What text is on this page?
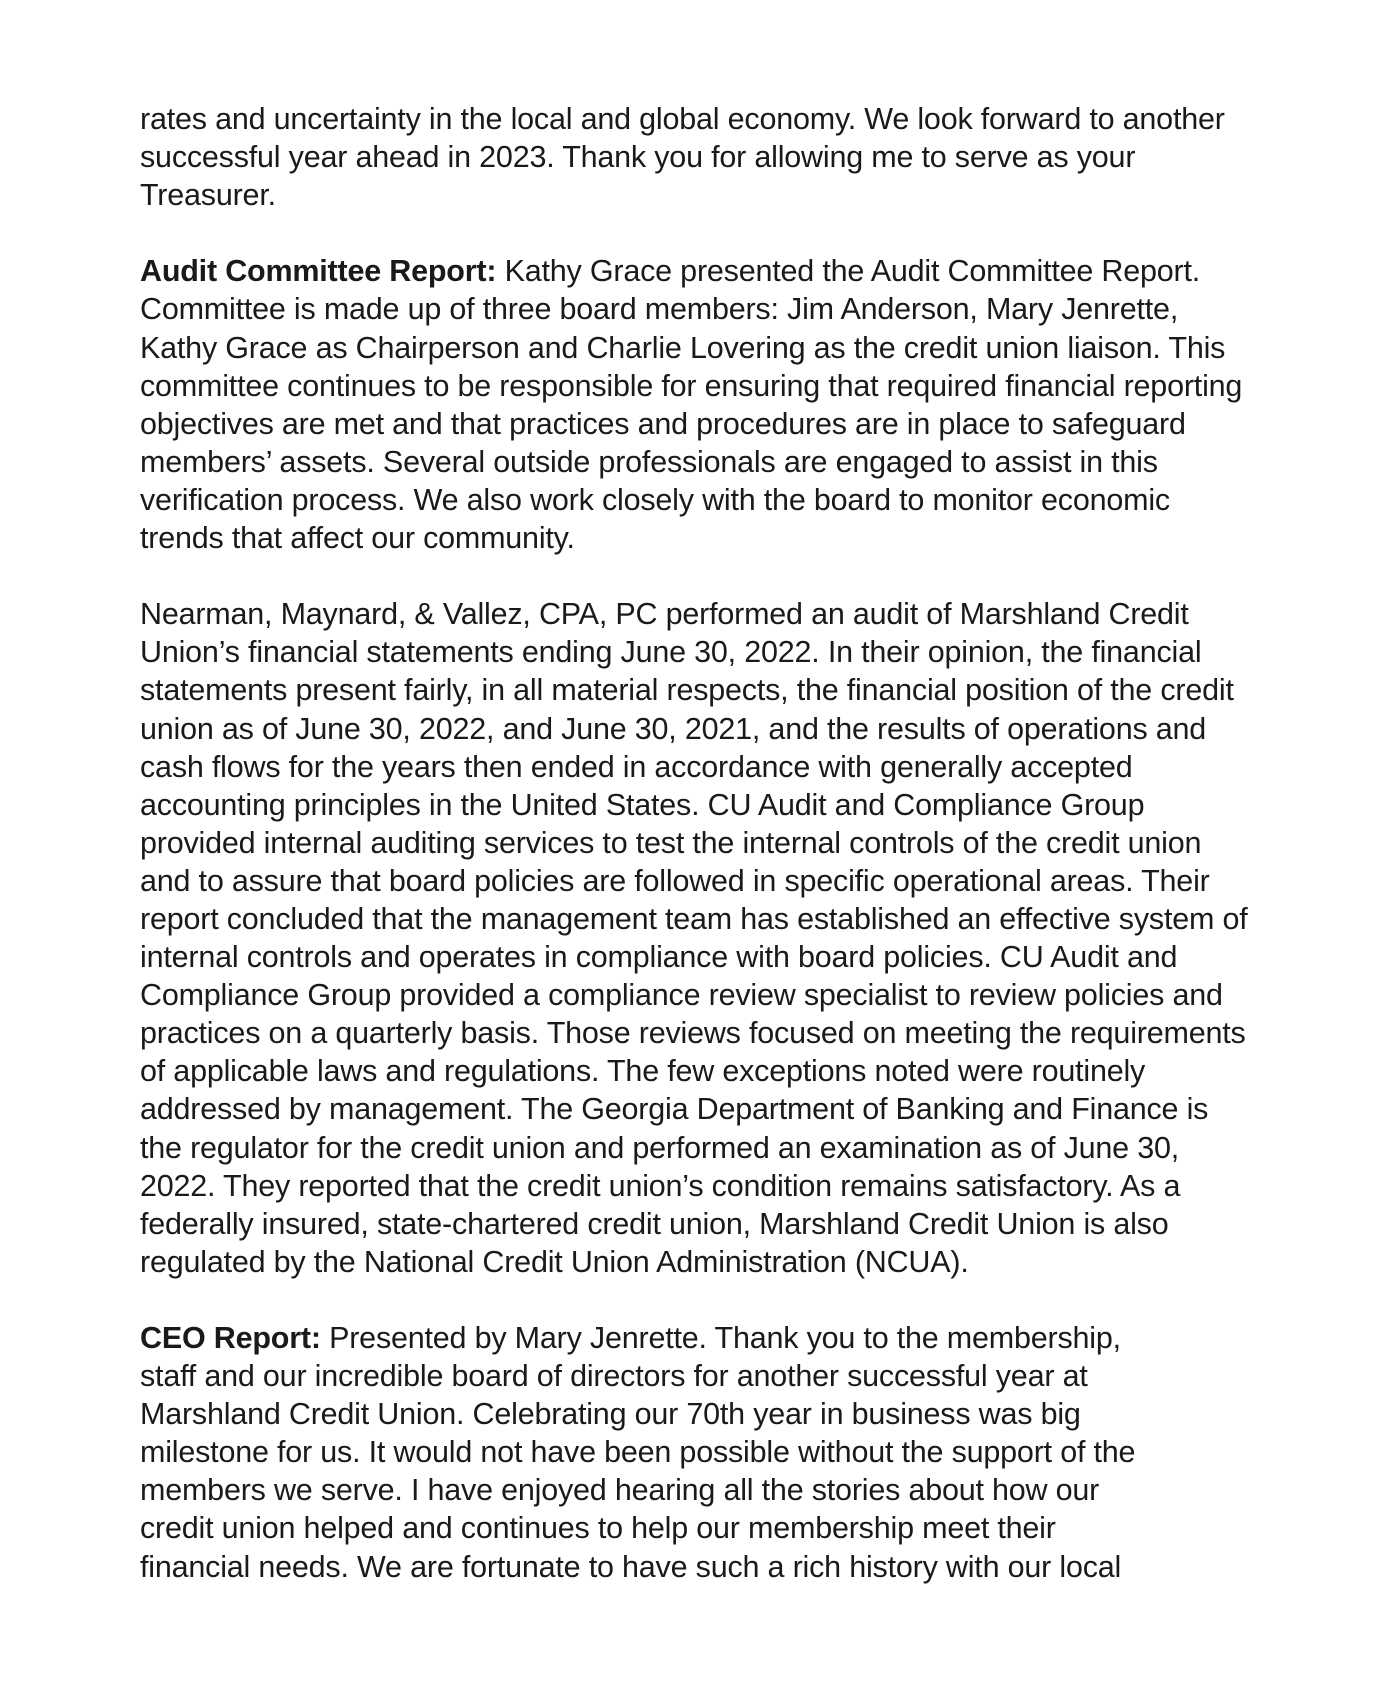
rates and uncertainty in the local and global economy. We look forward to another
successful year ahead in 2023. Thank you for allowing me to serve as your
Treasurer.

Audit Committee Report: Kathy Grace presented the Audit Committee Report.
Committee is made up of three board members: Jim Anderson, Mary Jenrette,
Kathy Grace as Chairperson and Charlie Lovering as the credit union liaison. This
committee continues to be responsible for ensuring that required financial reporting
objectives are met and that practices and procedures are in place to safeguard
members’ assets. Several outside professionals are engaged to assist in this
verification process. We also work closely with the board to monitor economic
trends that affect our community.

Nearman, Maynard, & Vallez, CPA, PC performed an audit of Marshland Credit
Union’s financial statements ending June 30, 2022. In their opinion, the financial
statements present fairly, in all material respects, the financial position of the credit
union as of June 30, 2022, and June 30, 2021, and the results of operations and
cash flows for the years then ended in accordance with generally accepted
accounting principles in the United States. CU Audit and Compliance Group
provided internal auditing services to test the internal controls of the credit union
and to assure that board policies are followed in specific operational areas. Their
report concluded that the management team has established an effective system of
internal controls and operates in compliance with board policies. CU Audit and
Compliance Group provided a compliance review specialist to review policies and
practices on a quarterly basis. Those reviews focused on meeting the requirements
of applicable laws and regulations. The few exceptions noted were routinely
addressed by management. The Georgia Department of Banking and Finance is
the regulator for the credit union and performed an examination as of June 30,
2022. They reported that the credit union’s condition remains satisfactory. As a
federally insured, state-chartered credit union, Marshland Credit Union is also
regulated by the National Credit Union Administration (NCUA).

CEO Report: Presented by Mary Jenrette. Thank you to the membership,
staff and our incredible board of directors for another successful year at
Marshland Credit Union. Celebrating our 70th year in business was big
milestone for us. It would not have been possible without the support of the
members we serve. I have enjoyed hearing all the stories about how our
credit union helped and continues to help our membership meet their
financial needs. We are fortunate to have such a rich history with our local
